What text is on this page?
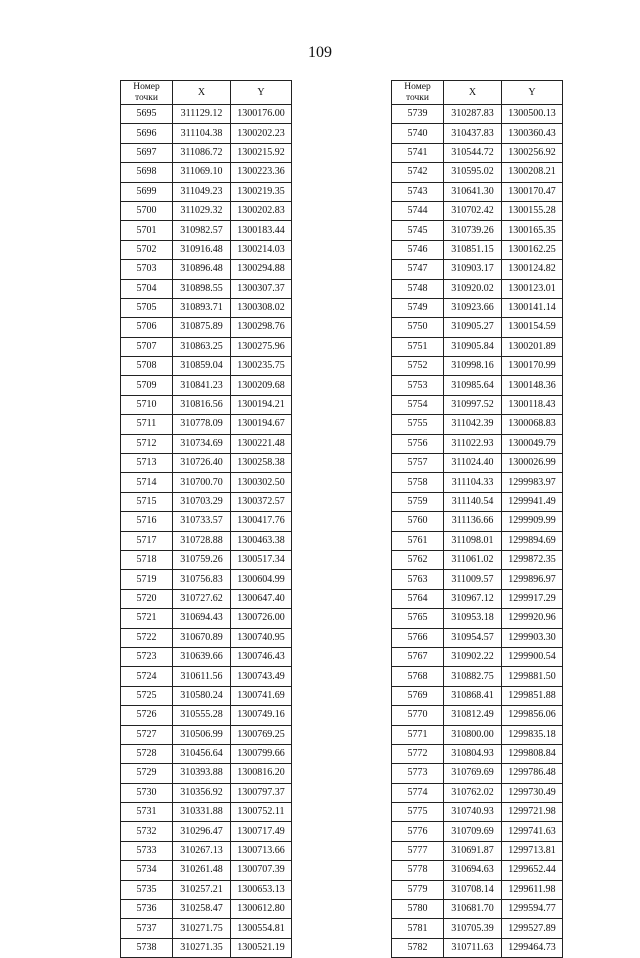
109
Номер
точки	X	Y
5695	311129.12	1300176.00
5696	311104.38	1300202.23
5697	311086.72	1300215.92
5698	311069.10	1300223.36
5699	311049.23	1300219.35
5700	311029.32	1300202.83
5701	310982.57	1300183.44
5702	310916.48	1300214.03
5703	310896.48	1300294.88
5704	310898.55	1300307.37
5705	310893.71	1300308.02
5706	310875.89	1300298.76
5707	310863.25	1300275.96
5708	310859.04	1300235.75
5709	310841.23	1300209.68
5710	310816.56	1300194.21
5711	310778.09	1300194.67
5712	310734.69	1300221.48
5713	310726.40	1300258.38
5714	310700.70	1300302.50
5715	310703.29	1300372.57
5716	310733.57	1300417.76
5717	310728.88	1300463.38
5718	310759.26	1300517.34
5719	310756.83	1300604.99
5720	310727.62	1300647.40
5721	310694.43	1300726.00
5722	310670.89	1300740.95
5723	310639.66	1300746.43
5724	310611.56	1300743.49
5725	310580.24	1300741.69
5726	310555.28	1300749.16
5727	310506.99	1300769.25
5728	310456.64	1300799.66
5729	310393.88	1300816.20
5730	310356.92	1300797.37
5731	310331.88	1300752.11
5732	310296.47	1300717.49
5733	310267.13	1300713.66
5734	310261.48	1300707.39
5735	310257.21	1300653.13
5736	310258.47	1300612.80
5737	310271.75	1300554.81
5738	310271.35	1300521.19
Номер
точки	X	Y
5739	310287.83	1300500.13
5740	310437.83	1300360.43
5741	310544.72	1300256.92
5742	310595.02	1300208.21
5743	310641.30	1300170.47
5744	310702.42	1300155.28
5745	310739.26	1300165.35
5746	310851.15	1300162.25
5747	310903.17	1300124.82
5748	310920.02	1300123.01
5749	310923.66	1300141.14
5750	310905.27	1300154.59
5751	310905.84	1300201.89
5752	310998.16	1300170.99
5753	310985.64	1300148.36
5754	310997.52	1300118.43
5755	311042.39	1300068.83
5756	311022.93	1300049.79
5757	311024.40	1300026.99
5758	311104.33	1299983.97
5759	311140.54	1299941.49
5760	311136.66	1299909.99
5761	311098.01	1299894.69
5762	311061.02	1299872.35
5763	311009.57	1299896.97
5764	310967.12	1299917.29
5765	310953.18	1299920.96
5766	310954.57	1299903.30
5767	310902.22	1299900.54
5768	310882.75	1299881.50
5769	310868.41	1299851.88
5770	310812.49	1299856.06
5771	310800.00	1299835.18
5772	310804.93	1299808.84
5773	310769.69	1299786.48
5774	310762.02	1299730.49
5775	310740.93	1299721.98
5776	310709.69	1299741.63
5777	310691.87	1299713.81
5778	310694.63	1299652.44
5779	310708.14	1299611.98
5780	310681.70	1299594.77
5781	310705.39	1299527.89
5782	310711.63	1299464.73
